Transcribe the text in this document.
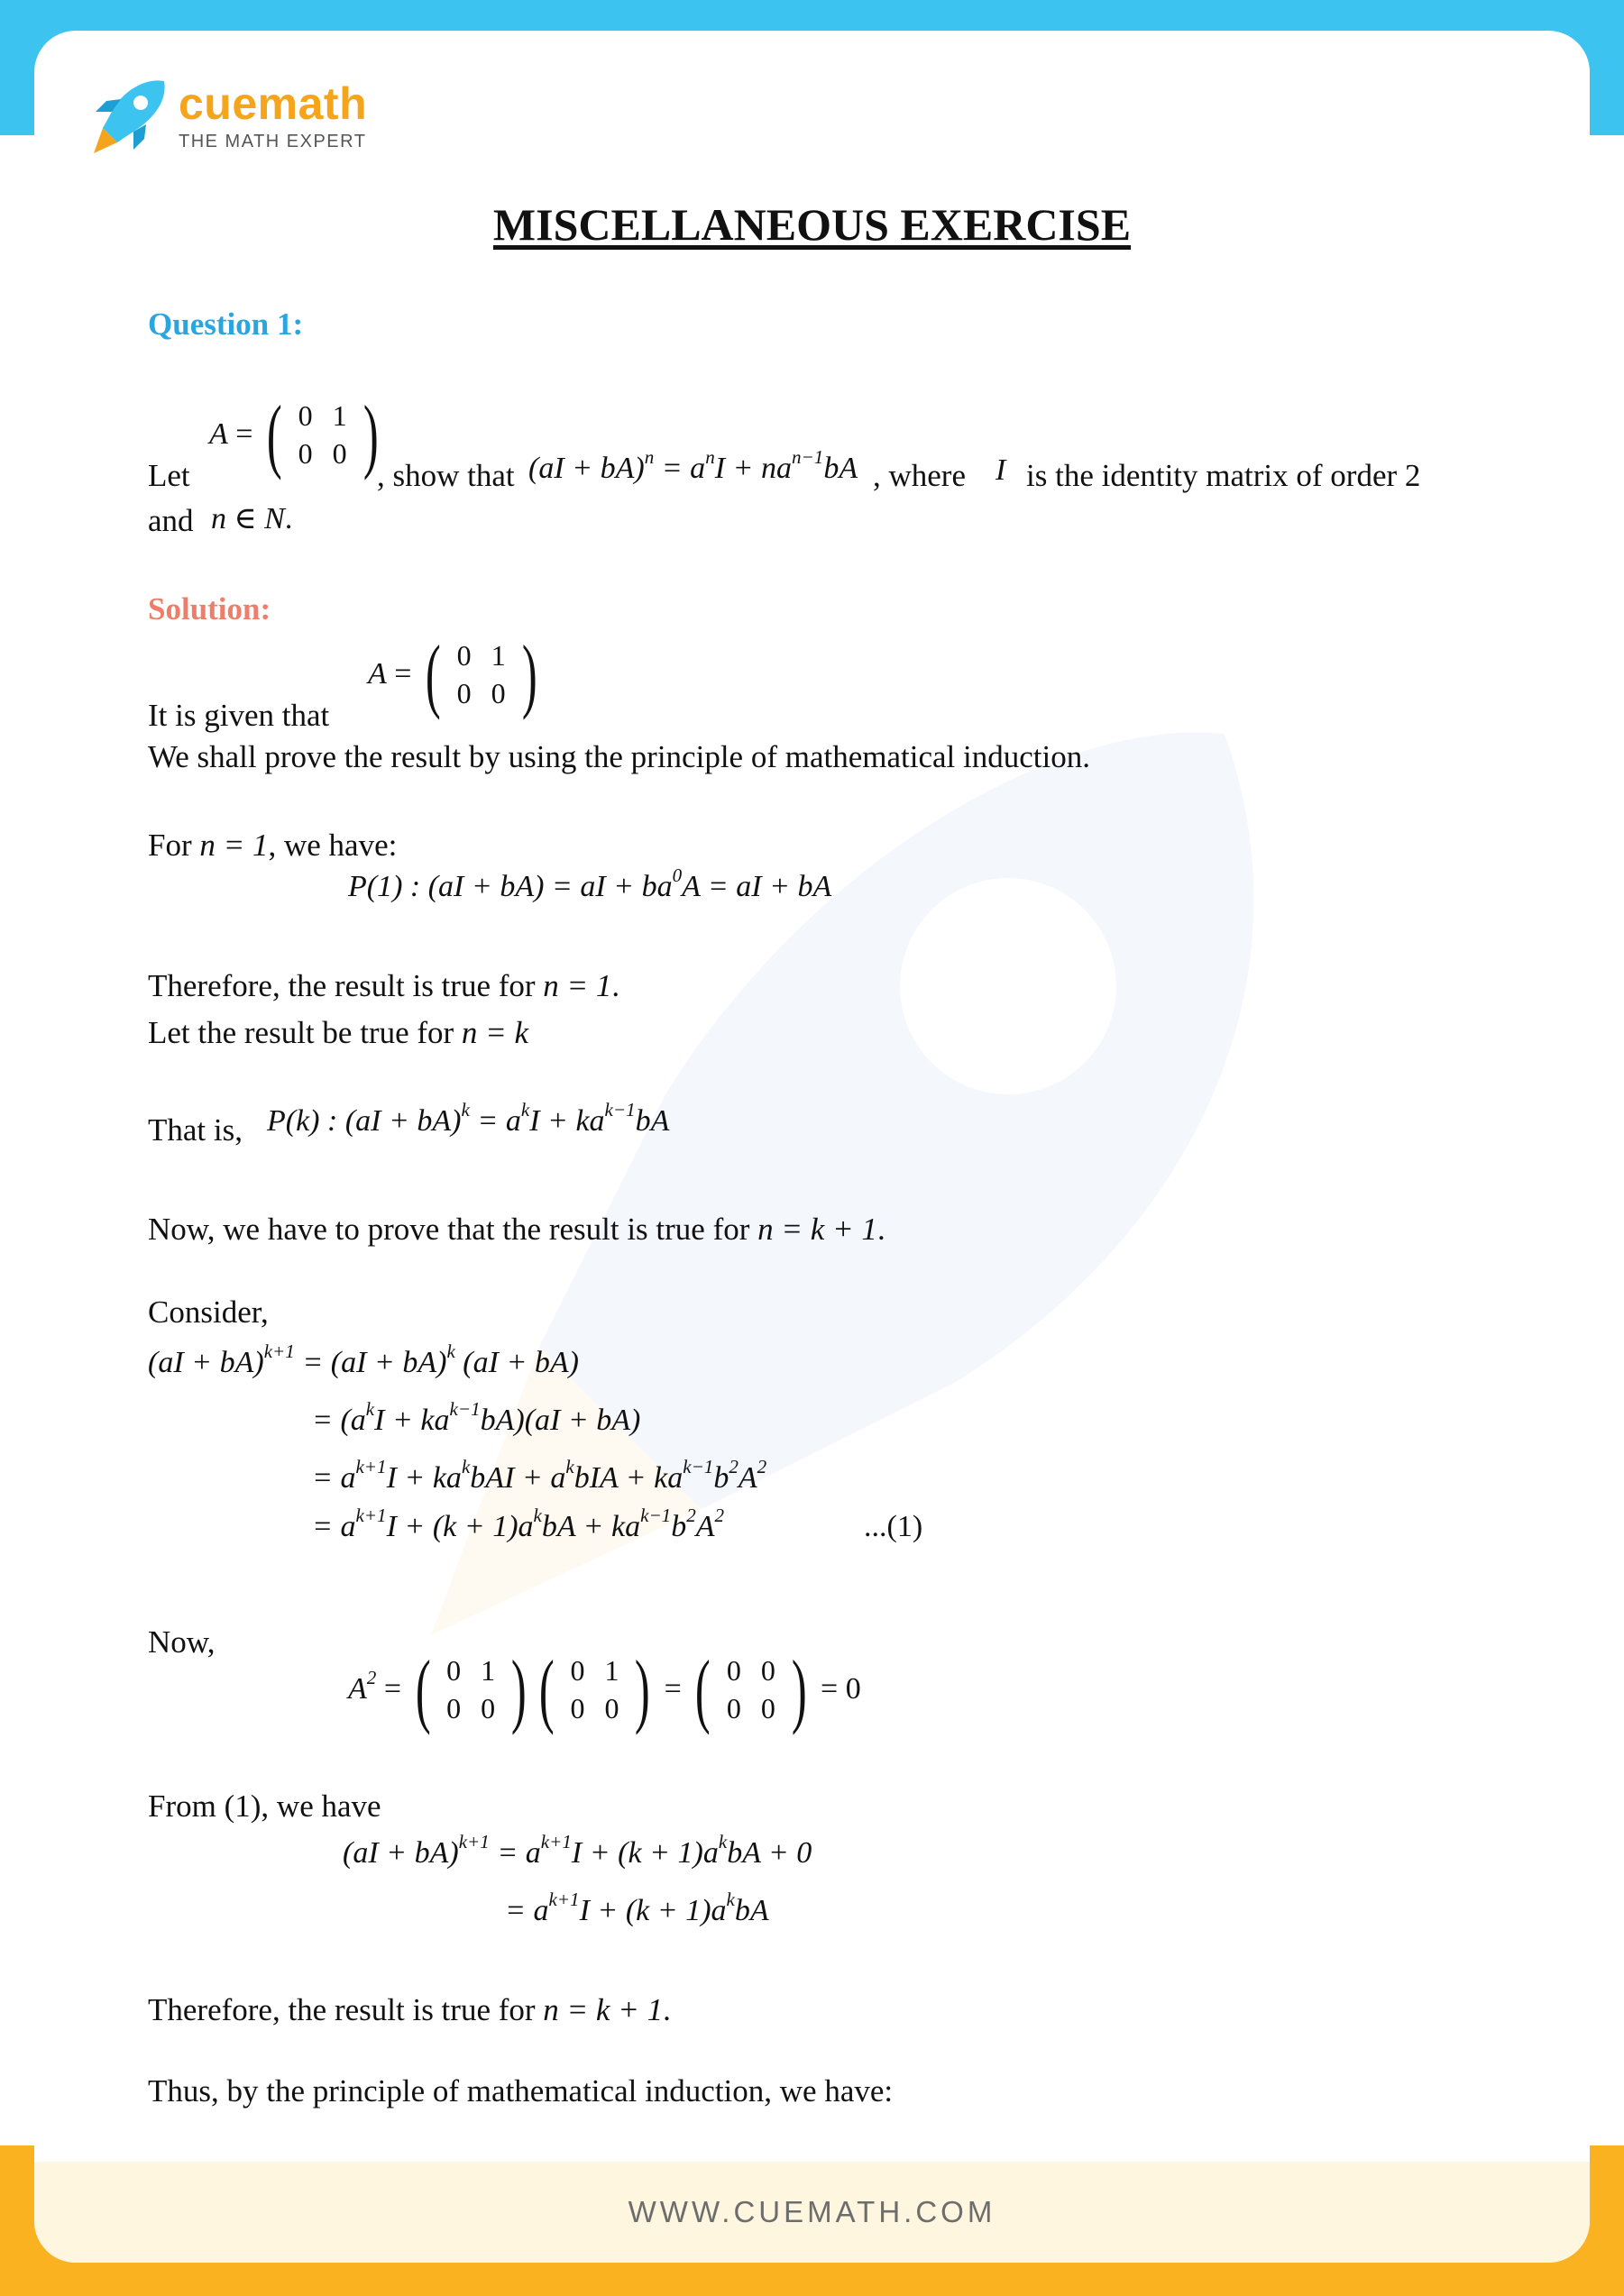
cuemath
THE MATH EXPERT
MISCELLANEOUS EXERCISE
Question 1:
Let
A = ( 0 1
0 0 )
, show that $(aI + bA)^n = a^nI + na^{n-1}bA$ , where I is the identity matrix of order 2
and n ∈ N.
Solution:
It is given that
A = ( 0 1
0 0 )
We shall prove the result by using the principle of mathematical induction.
For n = 1, we have:
P(1) : (aI + bA) = aI + $ba^0A$ = aI + bA
Therefore, the result is true for n = 1.
Let the result be true for n = k
That is, P(k) : $(aI + bA)^k = a^kI + ka^{k-1}bA$
Now, we have to prove that the result is true for n = k + 1.
Consider,
(aI + bA)$^{k+1}$ = (aI + bA)$^k$ (aI + bA)
= $(a^kI + ka^{k-1}bA)(aI + bA)$
= $a^{k+1}I + ka^kbAI + a^kbIA + ka^{k-1}b^2A^2$
= $a^{k+1}I + (k + 1)a^kbA + ka^{k-1}b^2A^2$	...(1)
Now,
$A^2$ = ( 0 1
0 0 ) ( 0 1
0 0 ) = ( 0 0
0 0 ) = 0
From (1), we have
$(aI + bA)^{k+1} = a^{k+1}I + (k + 1)a^kbA + 0$
= $a^{k+1}I + (k + 1)a^kbA$
Therefore, the result is true for n = k + 1.
Thus, by the principle of mathematical induction, we have:
WWW.CUEMATH.COM
